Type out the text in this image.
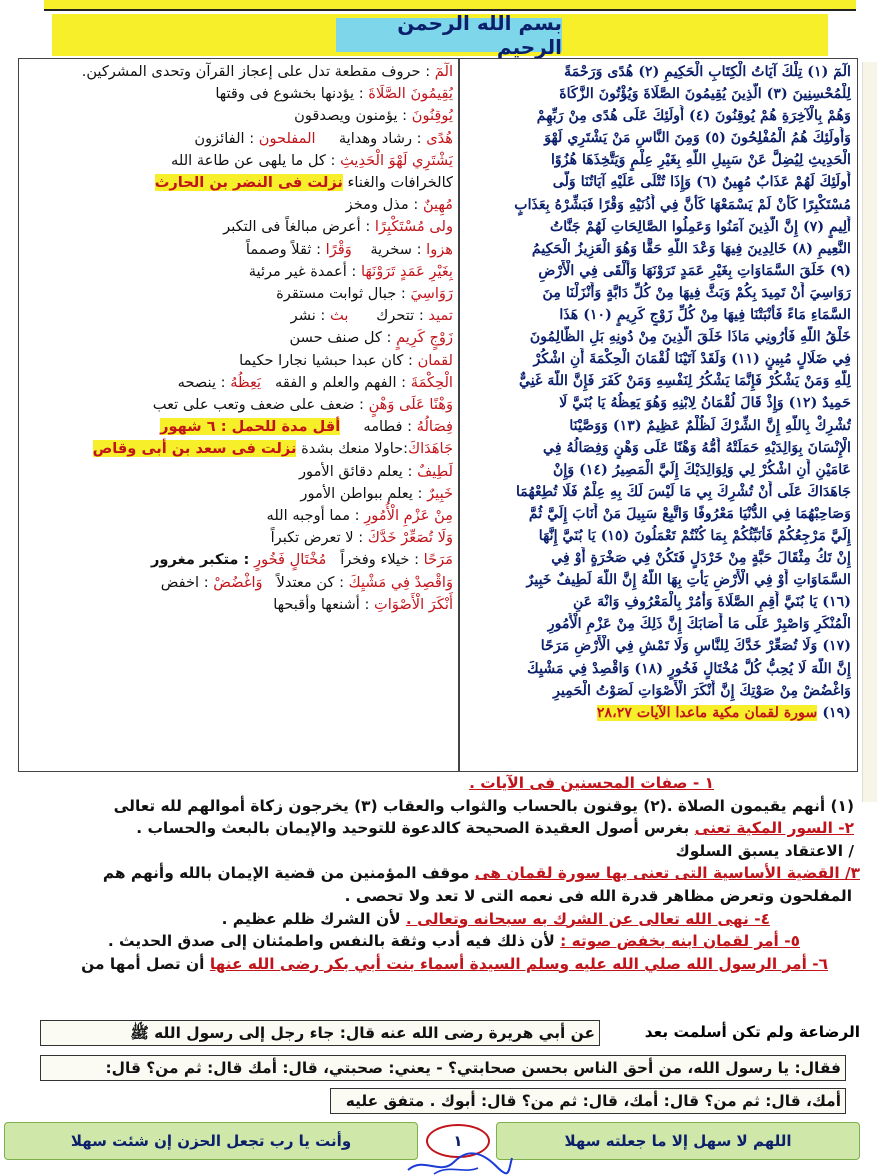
بسم الله الرحمن الرحيم
الٓمٓ (١) تِلْكَ آيَاتُ الْكِتَابِ الْحَكِيمِ (٢) هُدًى وَرَحْمَةً
لِلْمُحْسِنِينَ (٣) الَّذِينَ يُقِيمُونَ الصَّلَاةَ وَيُؤْتُونَ الزَّكَاةَ
وَهُمْ بِالْآخِرَةِ هُمْ يُوقِنُونَ (٤) أُولَئِكَ عَلَى هُدًى مِنْ رَبِّهِمْ
وَأُولَئِكَ هُمُ الْمُفْلِحُونَ (٥) وَمِنَ النَّاسِ مَنْ يَشْتَرِي لَهْوَ
الْحَدِيثِ لِيُضِلَّ عَنْ سَبِيلِ اللَّهِ بِغَيْرِ عِلْمٍ وَيَتَّخِذَهَا هُزُوًا
أُولَئِكَ لَهُمْ عَذَابٌ مُهِينٌ (٦) وَإِذَا تُتْلَى عَلَيْهِ آيَاتُنَا وَلَّى
مُسْتَكْبِرًا كَأَنْ لَمْ يَسْمَعْهَا كَأَنَّ فِي أُذُنَيْهِ وَقْرًا فَبَشِّرْهُ بِعَذَابٍ
أَلِيمٍ (٧) إِنَّ الَّذِينَ آمَنُوا وَعَمِلُوا الصَّالِحَاتِ لَهُمْ جَنَّاتُ
النَّعِيمِ (٨) خَالِدِينَ فِيهَا وَعْدَ اللَّهِ حَقًّا وَهُوَ الْعَزِيزُ الْحَكِيمُ
(٩) خَلَقَ السَّمَاوَاتِ بِغَيْرِ عَمَدٍ تَرَوْنَهَا وَأَلْقَى فِي الْأَرْضِ
رَوَاسِيَ أَنْ تَمِيدَ بِكُمْ وَبَثَّ فِيهَا مِنْ كُلِّ دَابَّةٍ وَأَنْزَلْنَا مِنَ
السَّمَاءِ مَاءً فَأَنْبَتْنَا فِيهَا مِنْ كُلِّ زَوْجٍ كَرِيمٍ (١٠) هَذَا
خَلْقُ اللَّهِ فَأَرُونِي مَاذَا خَلَقَ الَّذِينَ مِنْ دُونِهِ بَلِ الظَّالِمُونَ
فِي ضَلَالٍ مُبِينٍ (١١) وَلَقَدْ آتَيْنَا لُقْمَانَ الْحِكْمَةَ أَنِ اشْكُرْ
لِلَّهِ وَمَنْ يَشْكُرْ فَإِنَّمَا يَشْكُرُ لِنَفْسِهِ وَمَنْ كَفَرَ فَإِنَّ اللَّهَ غَنِيٌّ
حَمِيدٌ (١٢) وَإِذْ قَالَ لُقْمَانُ لِابْنِهِ وَهُوَ يَعِظُهُ يَا بُنَيَّ لَا
تُشْرِكْ بِاللَّهِ إِنَّ الشِّرْكَ لَظُلْمٌ عَظِيمٌ (١٣) وَوَصَّيْنَا
الْإِنْسَانَ بِوَالِدَيْهِ حَمَلَتْهُ أُمُّهُ وَهْنًا عَلَى وَهْنٍ وَفِصَالُهُ فِي
عَامَيْنِ أَنِ اشْكُرْ لِي وَلِوَالِدَيْكَ إِلَيَّ الْمَصِيرُ (١٤) وَإِنْ
جَاهَدَاكَ عَلَى أَنْ تُشْرِكَ بِي مَا لَيْسَ لَكَ بِهِ عِلْمٌ فَلَا تُطِعْهُمَا
وَصَاحِبْهُمَا فِي الدُّنْيَا مَعْرُوفًا وَاتَّبِعْ سَبِيلَ مَنْ أَنَابَ إِلَيَّ ثُمَّ
إِلَيَّ مَرْجِعُكُمْ فَأُنَبِّئُكُمْ بِمَا كُنْتُمْ تَعْمَلُونَ (١٥) يَا بُنَيَّ إِنَّهَا
إِنْ تَكُ مِثْقَالَ حَبَّةٍ مِنْ خَرْدَلٍ فَتَكُنْ فِي صَخْرَةٍ أَوْ فِي
السَّمَاوَاتِ أَوْ فِي الْأَرْضِ يَأْتِ بِهَا اللَّهُ إِنَّ اللَّهَ لَطِيفٌ خَبِيرٌ
(١٦) يَا بُنَيَّ أَقِمِ الصَّلَاةَ وَأْمُرْ بِالْمَعْرُوفِ وَانْهَ عَنِ
الْمُنْكَرِ وَاصْبِرْ عَلَى مَا أَصَابَكَ إِنَّ ذَلِكَ مِنْ عَزْمِ الْأُمُورِ
(١٧) وَلَا تُصَعِّرْ خَدَّكَ لِلنَّاسِ وَلَا تَمْشِ فِي الْأَرْضِ مَرَحًا
إِنَّ اللَّهَ لَا يُحِبُّ كُلَّ مُخْتَالٍ فَخُورٍ (١٨) وَاقْصِدْ فِي مَشْيِكَ
وَاغْضُضْ مِنْ صَوْتِكَ إِنَّ أَنْكَرَ الْأَصْوَاتِ لَصَوْتُ الْحَمِيرِ
(١٩) سورة لقمان مكية ماعدا الآيات ٢٨،٢٧
الٓمٓ : حروف مقطعة تدل على إعجاز القرآن وتحدى المشركين.
يُقِيمُونَ الصَّلَاةَ : يؤدنها بخشوع فى وقتها
يُوقِنُونَ : يؤمنون ويصدقون
هُدًى : رشاد وهداية     المفلحون : الفائزون
يَشْتَرِي لَهْوَ الْحَدِيثِ : كل ما يلهى عن طاعة الله
كالخرافات والغناء نزلت فى النضر بن الحارث
مُهِينٌ : مذل ومخز
ولى مُسْتَكْبِرًا : أعرض مبالغاً فى التكبر
هزوا : سخرية    وَقْرًا : ثقلاً وصمماً
بِغَيْرِ عَمَدٍ تَرَوْنَهَا : أعمدة غير مرئية
رَوَاسِيَ : جبال ثوابت مستقرة
تميد : تتحرك      بث : نشر
زَوْجٍ كَرِيمٍ : كل صنف حسن
لقمان : كان عبدا حبشيا نجارا حكيما
الْحِكْمَةَ : الفهم والعلم و الفقه   يَعِظُهُ : ينصحه
وَهْنًا عَلَى وَهْنٍ : ضعف على ضعف وتعب على تعب
فِصَالُهُ : فطامه     أقل مدة للحمل : ٦ شهور
جَاهَدَاكَ:حاولا منعك بشدة نزلت فى سعد بن أبى وقاص
لَطِيفٌ : يعلم دقائق الأمور
خَبِيرٌ : يعلم ببواطن الأمور
مِنْ عَزْمِ الْأُمُورِ : مما أوجبه الله
وَلَا تُصَعِّرْ خَدَّكَ : لا تعرض تكبراً
مَرَحًا : خيلاء وفخراً   مُخْتَالٍ فَخُورٍ : متكبر مغرور
وَاقْصِدْ فِي مَشْيِكَ : كن معتدلاً   وَاغْضُضْ : اخفض
أَنْكَرَ الْأَصْوَاتِ : أشنعها وأقبحها
١ - صفات المحسنين فى الآيات .
(١) أنهم يقيمون الصلاة .(٢) يوقنون بالحساب والثواب والعقاب (٣) يخرجون زكاة أموالهم لله تعالى
٢- السور المكية تعنى بغرس أصول العقيدة الصحيحة كالدعوة للتوحيد والإيمان بالبعث والحساب .
/ الاعتقاد يسبق السلوك
٣/ القضية الأساسية التى تعنى بها سورة لقمان هى موقف المؤمنين من قضية الإيمان بالله وأنهم هم
المفلحون وتعرض مظاهر قدرة الله فى نعمه التى لا تعد ولا تحصى .
٤- نهى الله تعالى عن الشرك به سبحانه وتعالى . لأن الشرك ظلم عظيم .
٥- أمر لقمان ابنه بخفض صوته : لأن ذلك فيه أدب وثقة بالنفس واطمئنان إلى صدق الحديث .
٦- أمر الرسول الله صلي الله عليه وسلم السيدة أسماء بنت أبي بكر رضى الله عنها أن تصل أمها من
الرضاعة ولم تكن أسلمت بعد
عن أبي هريرة رضى الله عنه قال: جاء رجل إلى رسول الله ﷺ
فقال: يا رسول الله، من أحق الناس بحسن صحابتي؟ - يعني: صحبتي، قال: أمك قال: ثم من؟ قال:
أمك، قال: ثم من؟ قال: أمك، قال: ثم من؟ قال: أبوك . متفق عليه
اللهم لا سهل إلا ما جعلته سهلا
١
وأنت يا رب تجعل الحزن إن شئت سهلا
